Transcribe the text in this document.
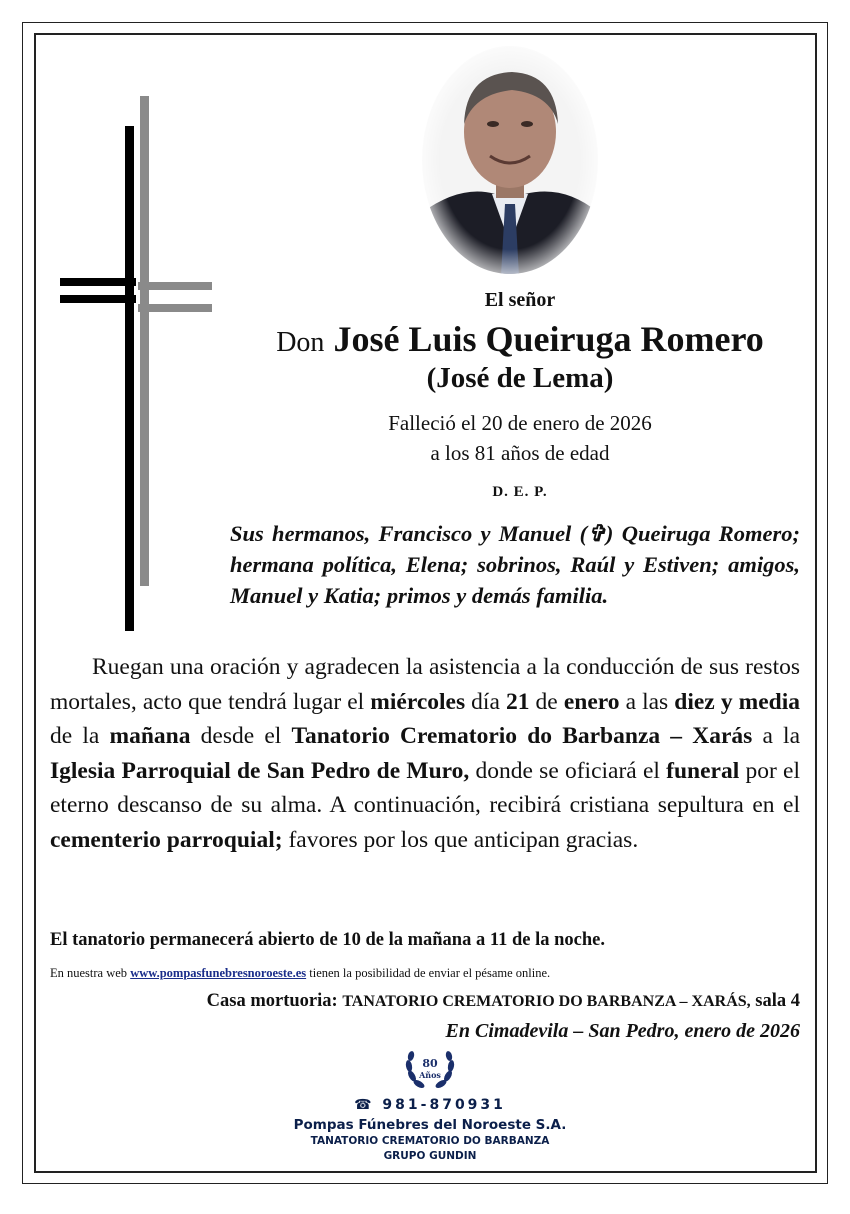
El señor
Don José Luis Queiruga Romero
(José de Lema)
Falleció el 20 de enero de 2026
a los 81 años de edad
D. E. P.
Sus hermanos, Francisco y Manuel (✞) Queiruga Romero; hermana política, Elena; sobrinos, Raúl y Estiven; amigos, Manuel y Katia; primos y demás familia.
Ruegan una oración y agradecen la asistencia a la conducción de sus restos mortales, acto que tendrá lugar el miércoles día 21 de enero a las diez y media de la mañana desde el Tanatorio Crematorio do Barbanza – Xarás a la Iglesia Parroquial de San Pedro de Muro, donde se oficiará el funeral por el eterno descanso de su alma. A continuación, recibirá cristiana sepultura en el cementerio parroquial; favores por los que anticipan gracias.
El tanatorio permanecerá abierto de 10 de la mañana a 11 de la noche.
En nuestra web www.pompasfunebresnoroeste.es tienen la posibilidad de enviar el pésame online.
Casa mortuoria: TANATORIO CREMATORIO DO BARBANZA – XARÁS, sala 4
En Cimadevila – San Pedro, enero de 2026
80
Años
☎ 981-870931
Pompas Fúnebres del Noroeste S.A.
TANATORIO CREMATORIO DO BARBANZA
GRUPO GUNDIN
